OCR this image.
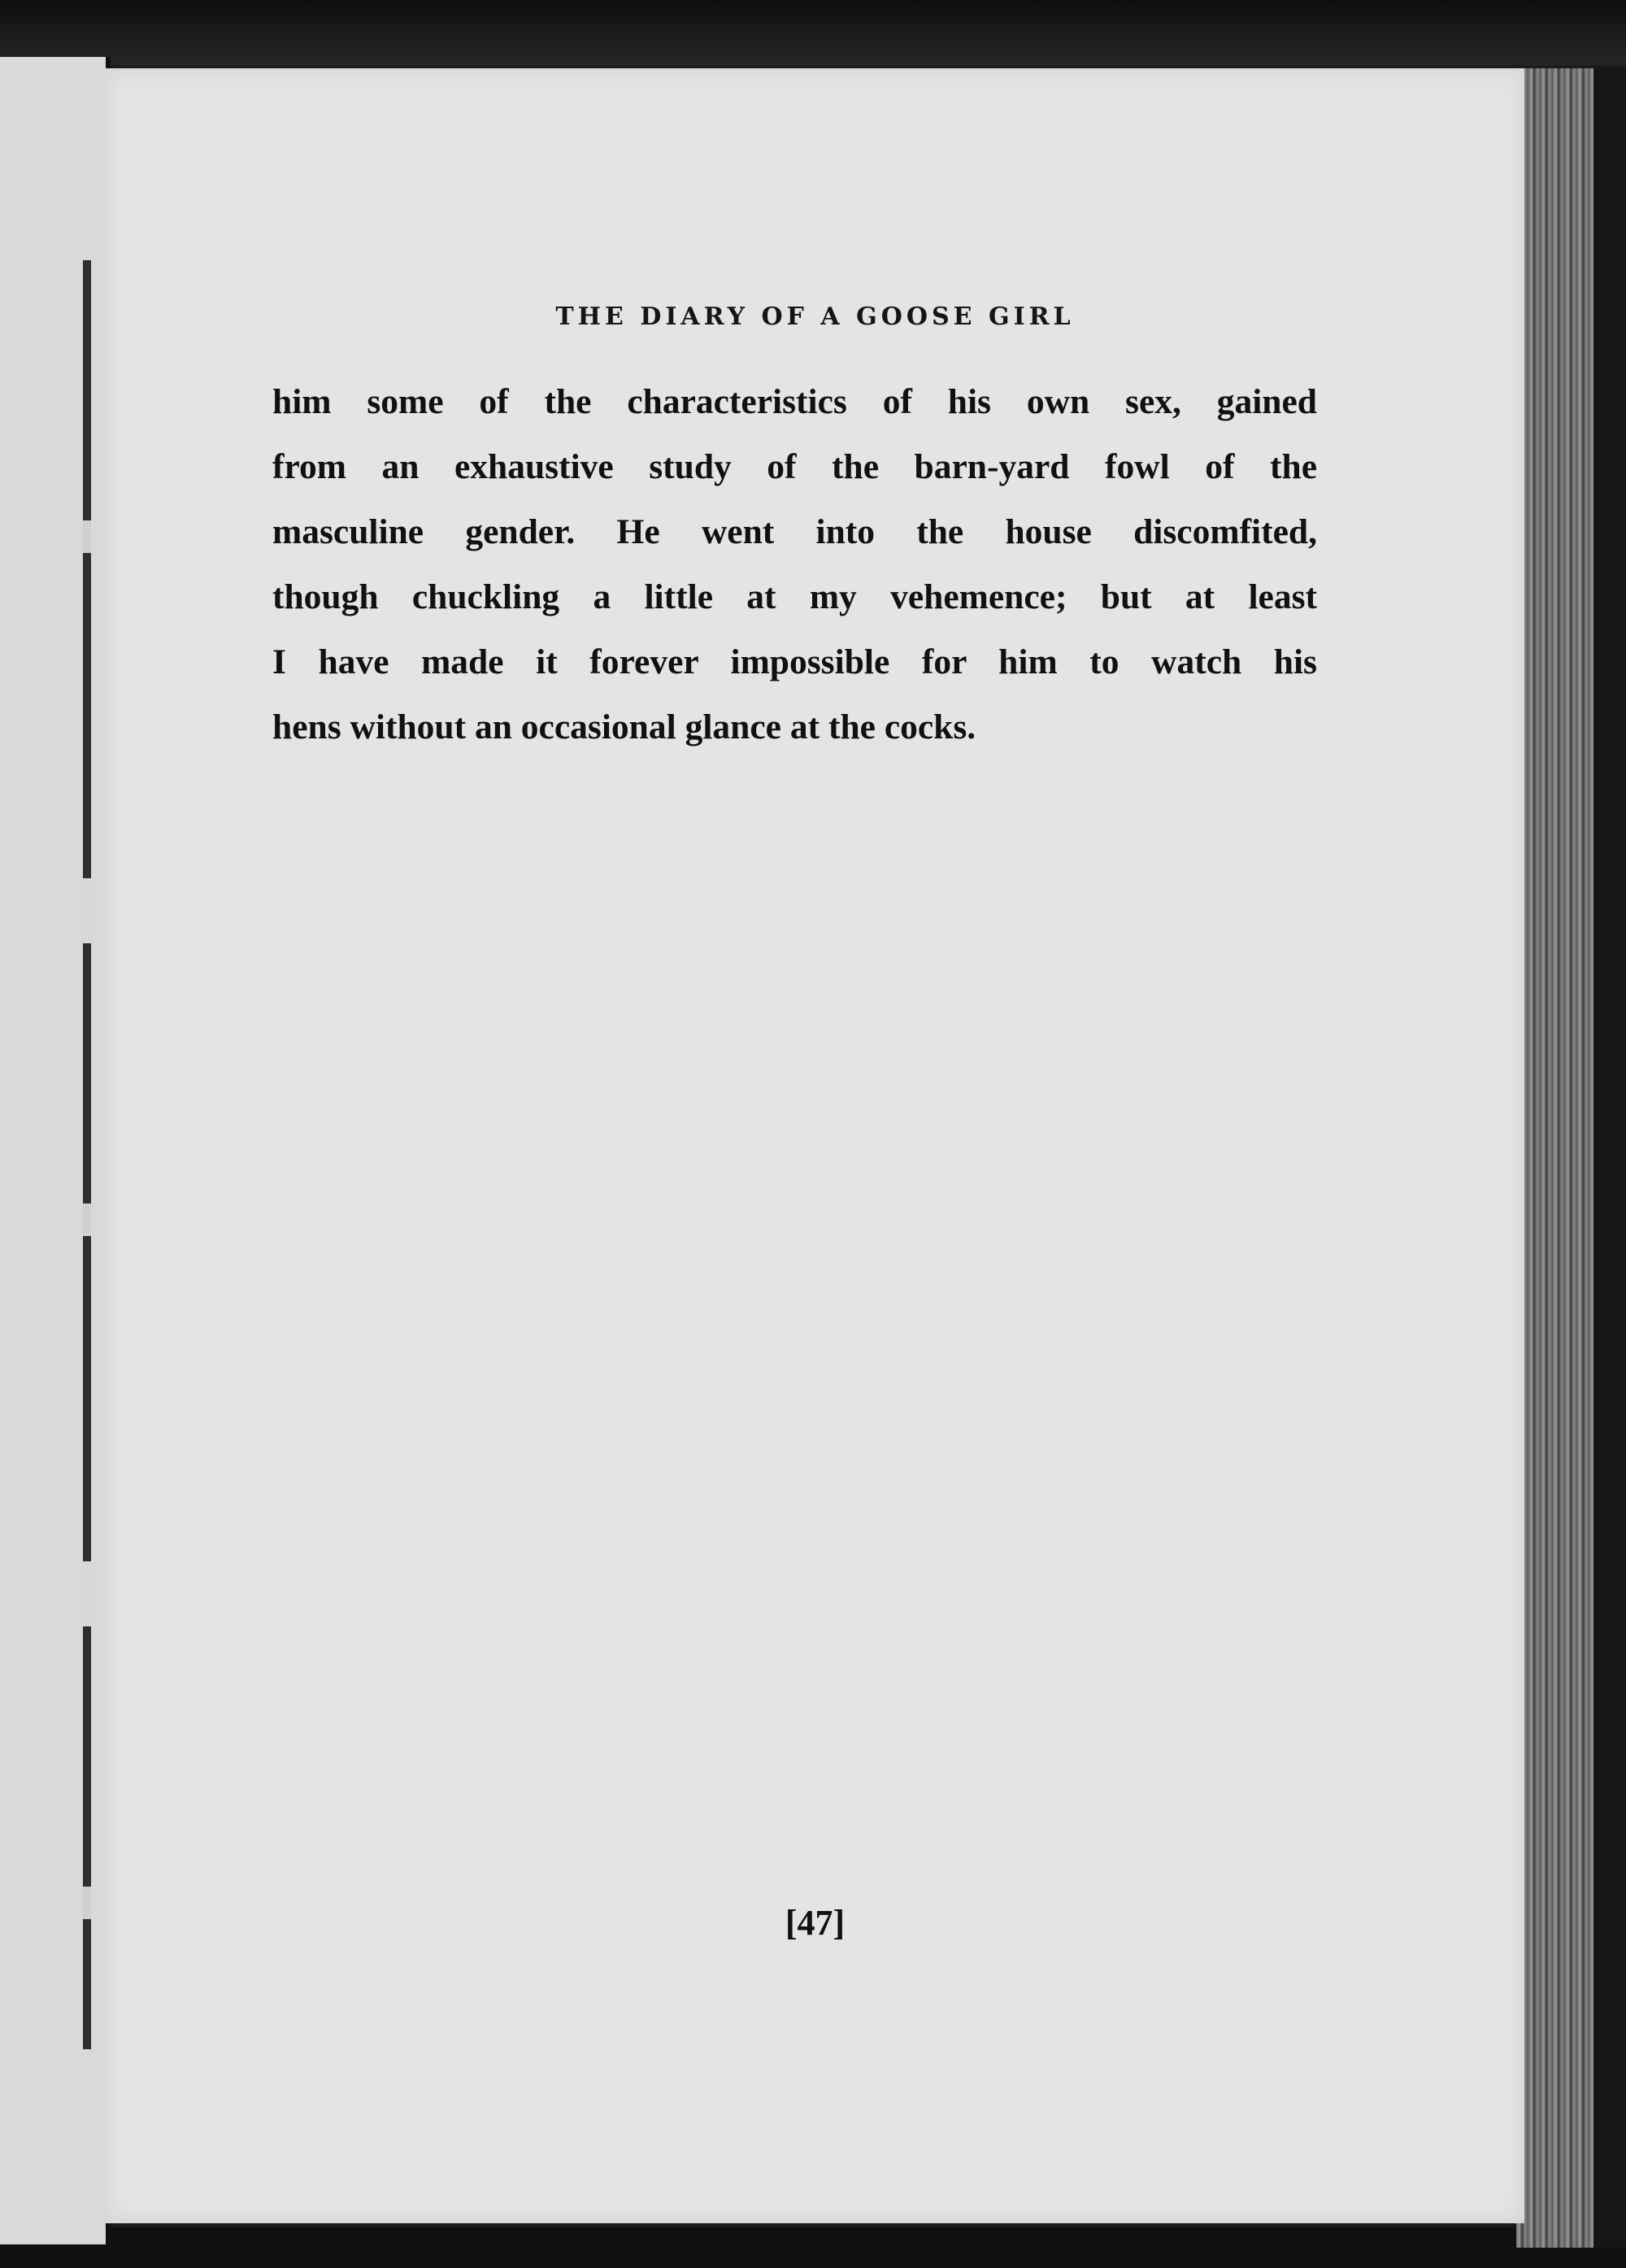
THE DIARY OF A GOOSE GIRL

him some of the characteristics of his own sex, gained
from an exhaustive study of the barn-yard fowl of the
masculine gender. He went into the house discomfited,
though chuckling a little at my vehemence; but at least
I have made it forever impossible for him to watch his
hens without an occasional glance at the cocks.

[47]
